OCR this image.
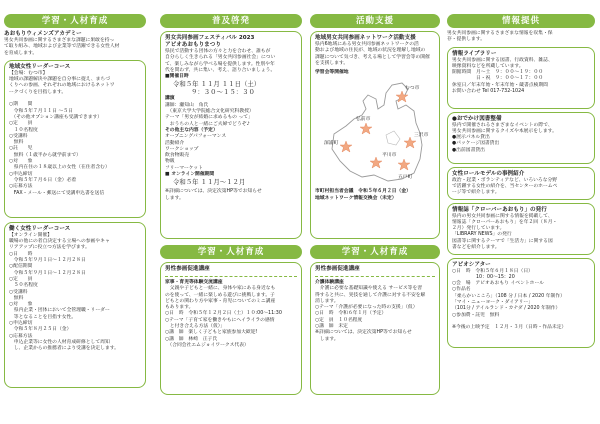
学習・人材育成

あおもりウィメンズアカデミー

男女共同参画に関するさまざまな課題に果敢を持っ

て取り組み、地域および企業等で活躍できる女性人材

を育成します。

地域女性リーダーコース

【会場：むつ市】

地域の課題解決や課題を自分事に捉え、まちづ

くりへの参画、それぞれの地域におけるネットワ

ークづくりを目指します。

○期　　間

　令和５年７月１１日 ～５日

　（その他オプション講座も受講できます）

○定　　員

　１０名程度

○受講料

　無料

○託　　児

　無料（１歳半から就学前まで）

○対　　象

　県内在住の１８歳以上の女性（在住者含む）

○申込締切

　令和５年７月６日（金）必着

○応募方法

　FAX・メール・郵送にて受講申込書を送信

働く女性リーダーコース

【オンライン開催】

職場の他にの者自決定する立場への参画やキャ

リアアップに役立つ方法を学びます。

○日　　時

　令和５年９月１日～１２月２８日

○配信期間

　令和５年９月１日～１２月２８日

○定　　員

　５０名程度

○受講料

　無料

○対　　象

　県内企業・団体において全管理職・リーダー

　等となることを目指す女性。

○申込締切

　令和５年８月２５日（金）

○応募方法

　申込企業等に女性の人材育成研修として周知

　し、企業からの推薦者により受講を決定します。

普及啓発
男女共同参画フェスティバル 2023
アピオあおもりまつり

県民で活動する団体の方々と力を合わせ、誰もが

自分らしく生きられる「男女共同参画社会」につい

て、楽しみながら学べる場を提供します。性別や年

代を問わず、共に集い、考え、語り合いましょう。

■開催日時

令和５年 １１月 １１日（土）

９：３０～１５：３０

講演

講師：瀬知山　角氏

　（東京大学大学院総合文化研究科教授）

テーマ「男女が結婚に求めるもの って」

　おうちの人と一緒にご夫婦でどうぞ♪

その他主な内容（予定）

オープニングパフォーマンス

活動紹介

ワークショップ

飲食物販売

物販

フリーマーケット

■ オンライン開催期間

令和５年 １１月～１２月

※詳細については、決定次第HP等でお知らせ

します。

学習・人材育成
男性参画促進講座

家事・育児等体験交流講座

　父親や子どもと一緒に、身体や家にある身近なも

のを使って、一緒に楽しめる遊びに挑戦します。子

どもとの関わり方や家事・育児についてのミニ講座

もあります。

○日　時　令和５年１２月２日（土）１０:00～11:30

○テーマ「子育て家を働きやもにヘイライラの感情

　と付き合える方法（仮）」

○講　師　楽しく子どもと家族参加大歓迎!

○講　師　林崎　正子氏

　（合同会社エムジョイワークス代表）

活動支援
地域男女共同参画ネットワーク活動支援

県内6地域にある男女共同参画ネットワークの活

動および地域の住民が、地域の状況を理解し地域の

課題について気づき、考える場として学習会等の開催

を支援します。

学習会等開催地

むつ市
弘前市
深浦町
平川市
三沢市
五戸町

市町村担当者会議　令和５年６月２日（金）

地域ネットワーク情報交換会（未定）

学習・人材育成
男性参画促進講座

介護体験講座

　介護に必要な基礎知識や使える サービス等を習

得すると共に、実技を通して介護に対する不安を解

消します。

○テーマ「介護が必要になった時の支援」（仮）

○日　時　令和６年１月（予定）

○定　員　１０名程度

○講　師　未定

※詳細については、決定次第HP等でお知らせ

　します。

情報提供

男女共同参画に関するさまざまな情報を収集・保

存・提供します。

情報ライブラリー

男女共同参画に関する図書、行政資料、雑誌、

映像資料などを所蔵しています。

開館時間　月～土　９：００～１９：００

　　　　　日・祝　９：００～１７：００

休室日／年末年始・年末年始・蔵書点検期間

お問い合わせ Tel 017-732-1024

●おでかけ図書整備

県内で開催されるさまざまなイベントの際で、

男女共同参画に関するクイズや本展示をします。

●展示パネル貸出

●パッケージ図書貸出

●出前図書貸出

女性ロールモデルの事例紹介

政治・起業・ボランティアなど、いろいろな分野

で活躍する女性の紹介を、当センターのホームペ

ージ等で紹介します。

情報誌「クローバーあおもり」の発行

県内の男女共同参画に関する情報を掲載して、

情報誌「クローバーあおもり」を年２回（８月・

２月）発行しています。

「LIBRARY NEWS」の発行

図書等に関するテーマで「生活力」に関する図

書などを紹介します。

アピオシアター

○日　時　令和５年６月１８日（日）

　　　　　10：00～15：20

○会　場　アピオあおもり イベントホール

○作品名

「柔らかいこころ」（108 分 / 日本 / 2020 年制作）

「マイ・ニューヨーク・ダイアリー」

（101分 / アイルランド・カナダ / 2020 年制作）

○参加費・託児　無料

※今後の上映予定　１２月・３月（日時・作品未定）
